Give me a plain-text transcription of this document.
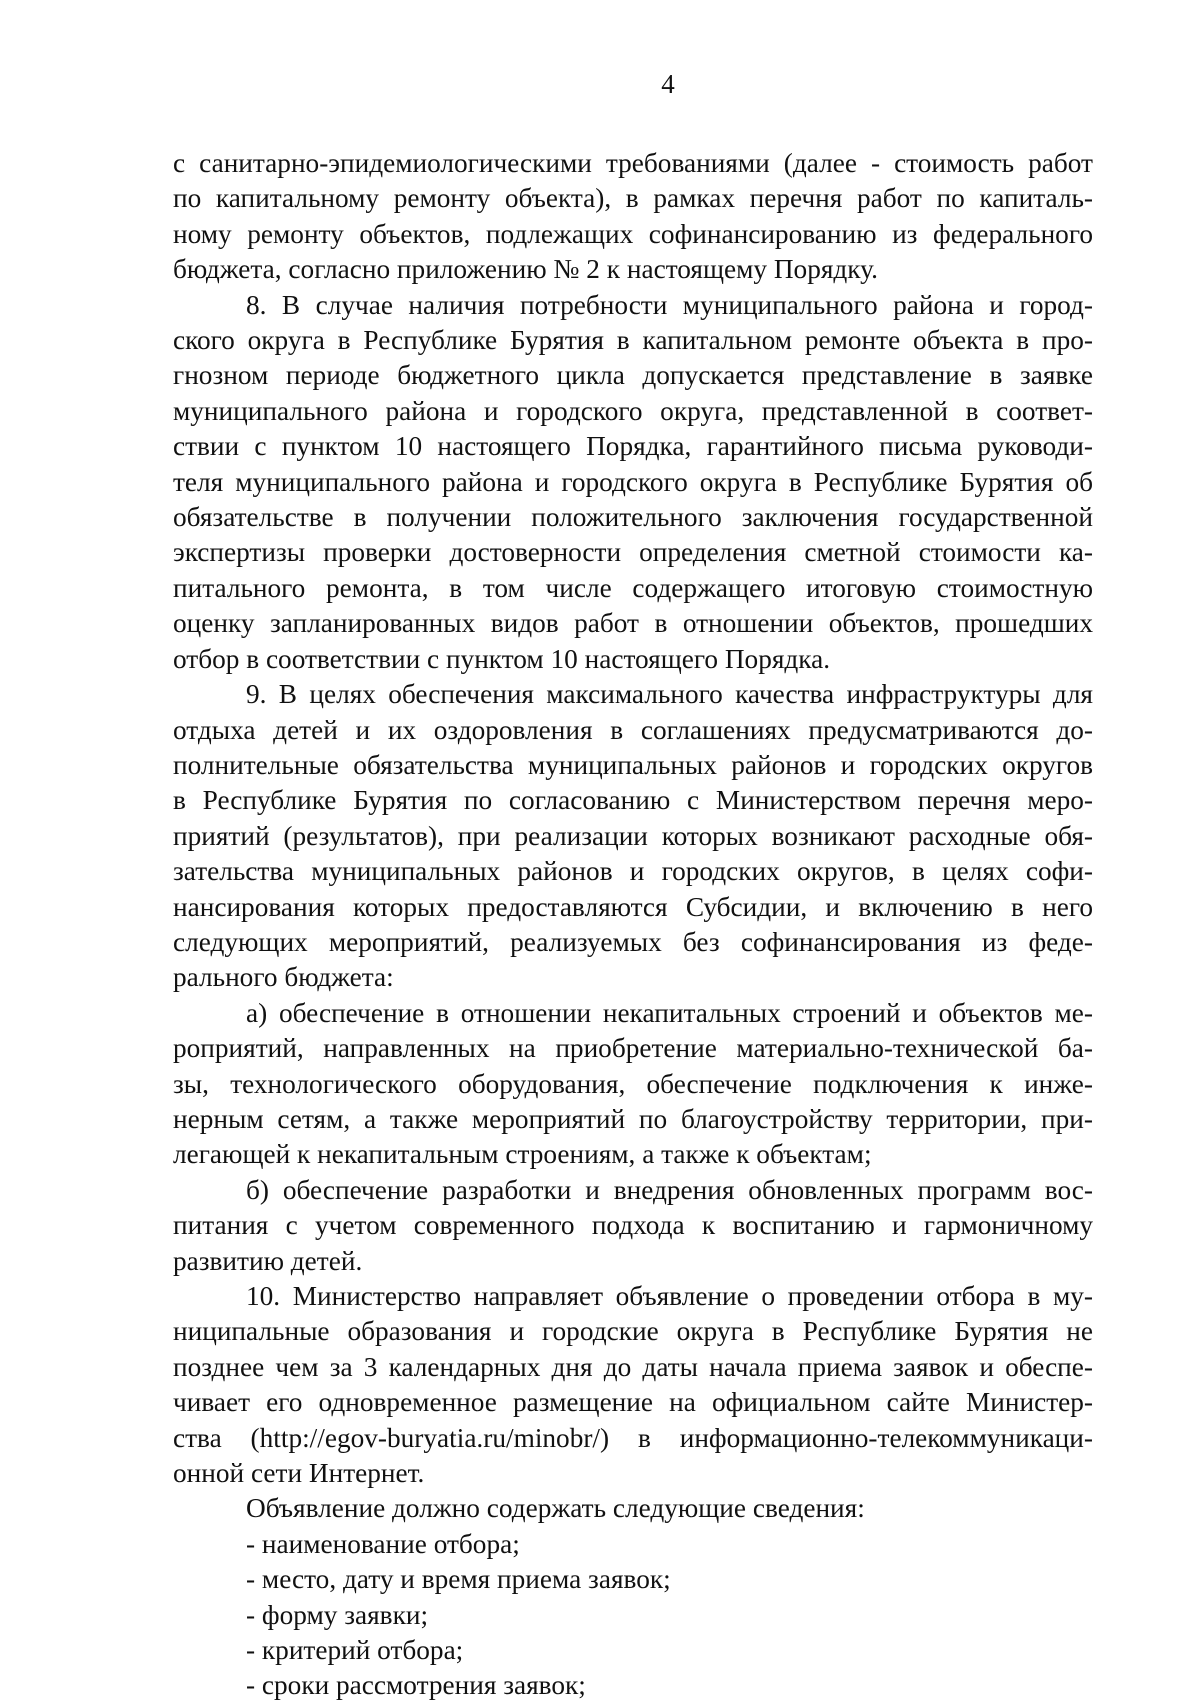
4

с санитарно-эпидемиологическими требованиями (далее - стоимость работ

по капитальному ремонту объекта), в рамках перечня работ по капиталь-

ному ремонту объектов, подлежащих софинансированию из федерального

бюджета, согласно приложению № 2 к настоящему Порядку.

8. В случае наличия потребности муниципального района и город-

ского округа в Республике Бурятия в капитальном ремонте объекта в про-

гнозном периоде бюджетного цикла допускается представление в заявке

муниципального района и городского округа, представленной в соответ-

ствии с пунктом 10 настоящего Порядка, гарантийного письма руководи-

теля муниципального района и городского округа в Республике Бурятия об

обязательстве в получении положительного заключения государственной

экспертизы проверки достоверности определения сметной стоимости ка-

питального ремонта, в том числе содержащего итоговую стоимостную

оценку запланированных видов работ в отношении объектов, прошедших

отбор в соответствии с пунктом 10 настоящего Порядка.

9. В целях обеспечения максимального качества инфраструктуры для

отдыха детей и их оздоровления в соглашениях предусматриваются до-

полнительные обязательства муниципальных районов и городских округов

в Республике Бурятия по согласованию с Министерством перечня меро-

приятий (результатов), при реализации которых возникают расходные обя-

зательства муниципальных районов и городских округов, в целях софи-

нансирования которых предоставляются Субсидии, и включению в него

следующих мероприятий, реализуемых без софинансирования из феде-

рального бюджета:

а) обеспечение в отношении некапитальных строений и объектов ме-

роприятий, направленных на приобретение материально-технической ба-

зы, технологического оборудования, обеспечение подключения к инже-

нерным сетям, а также мероприятий по благоустройству территории, при-

легающей к некапитальным строениям, а также к объектам;

б) обеспечение разработки и внедрения обновленных программ вос-

питания с учетом современного подхода к воспитанию и гармоничному

развитию детей.

10. Министерство направляет объявление о проведении отбора в му-

ниципальные образования и городские округа в Республике Бурятия не

позднее чем за 3 календарных дня до даты начала приема заявок и обеспе-

чивает его одновременное размещение на официальном сайте Министер-

ства (http://egov-buryatia.ru/minobr/) в информационно-телекоммуникаци-

онной сети Интернет.

Объявление должно содержать следующие сведения:

- наименование отбора;

- место, дату и время приема заявок;

- форму заявки;

- критерий отбора;

- сроки рассмотрения заявок;
